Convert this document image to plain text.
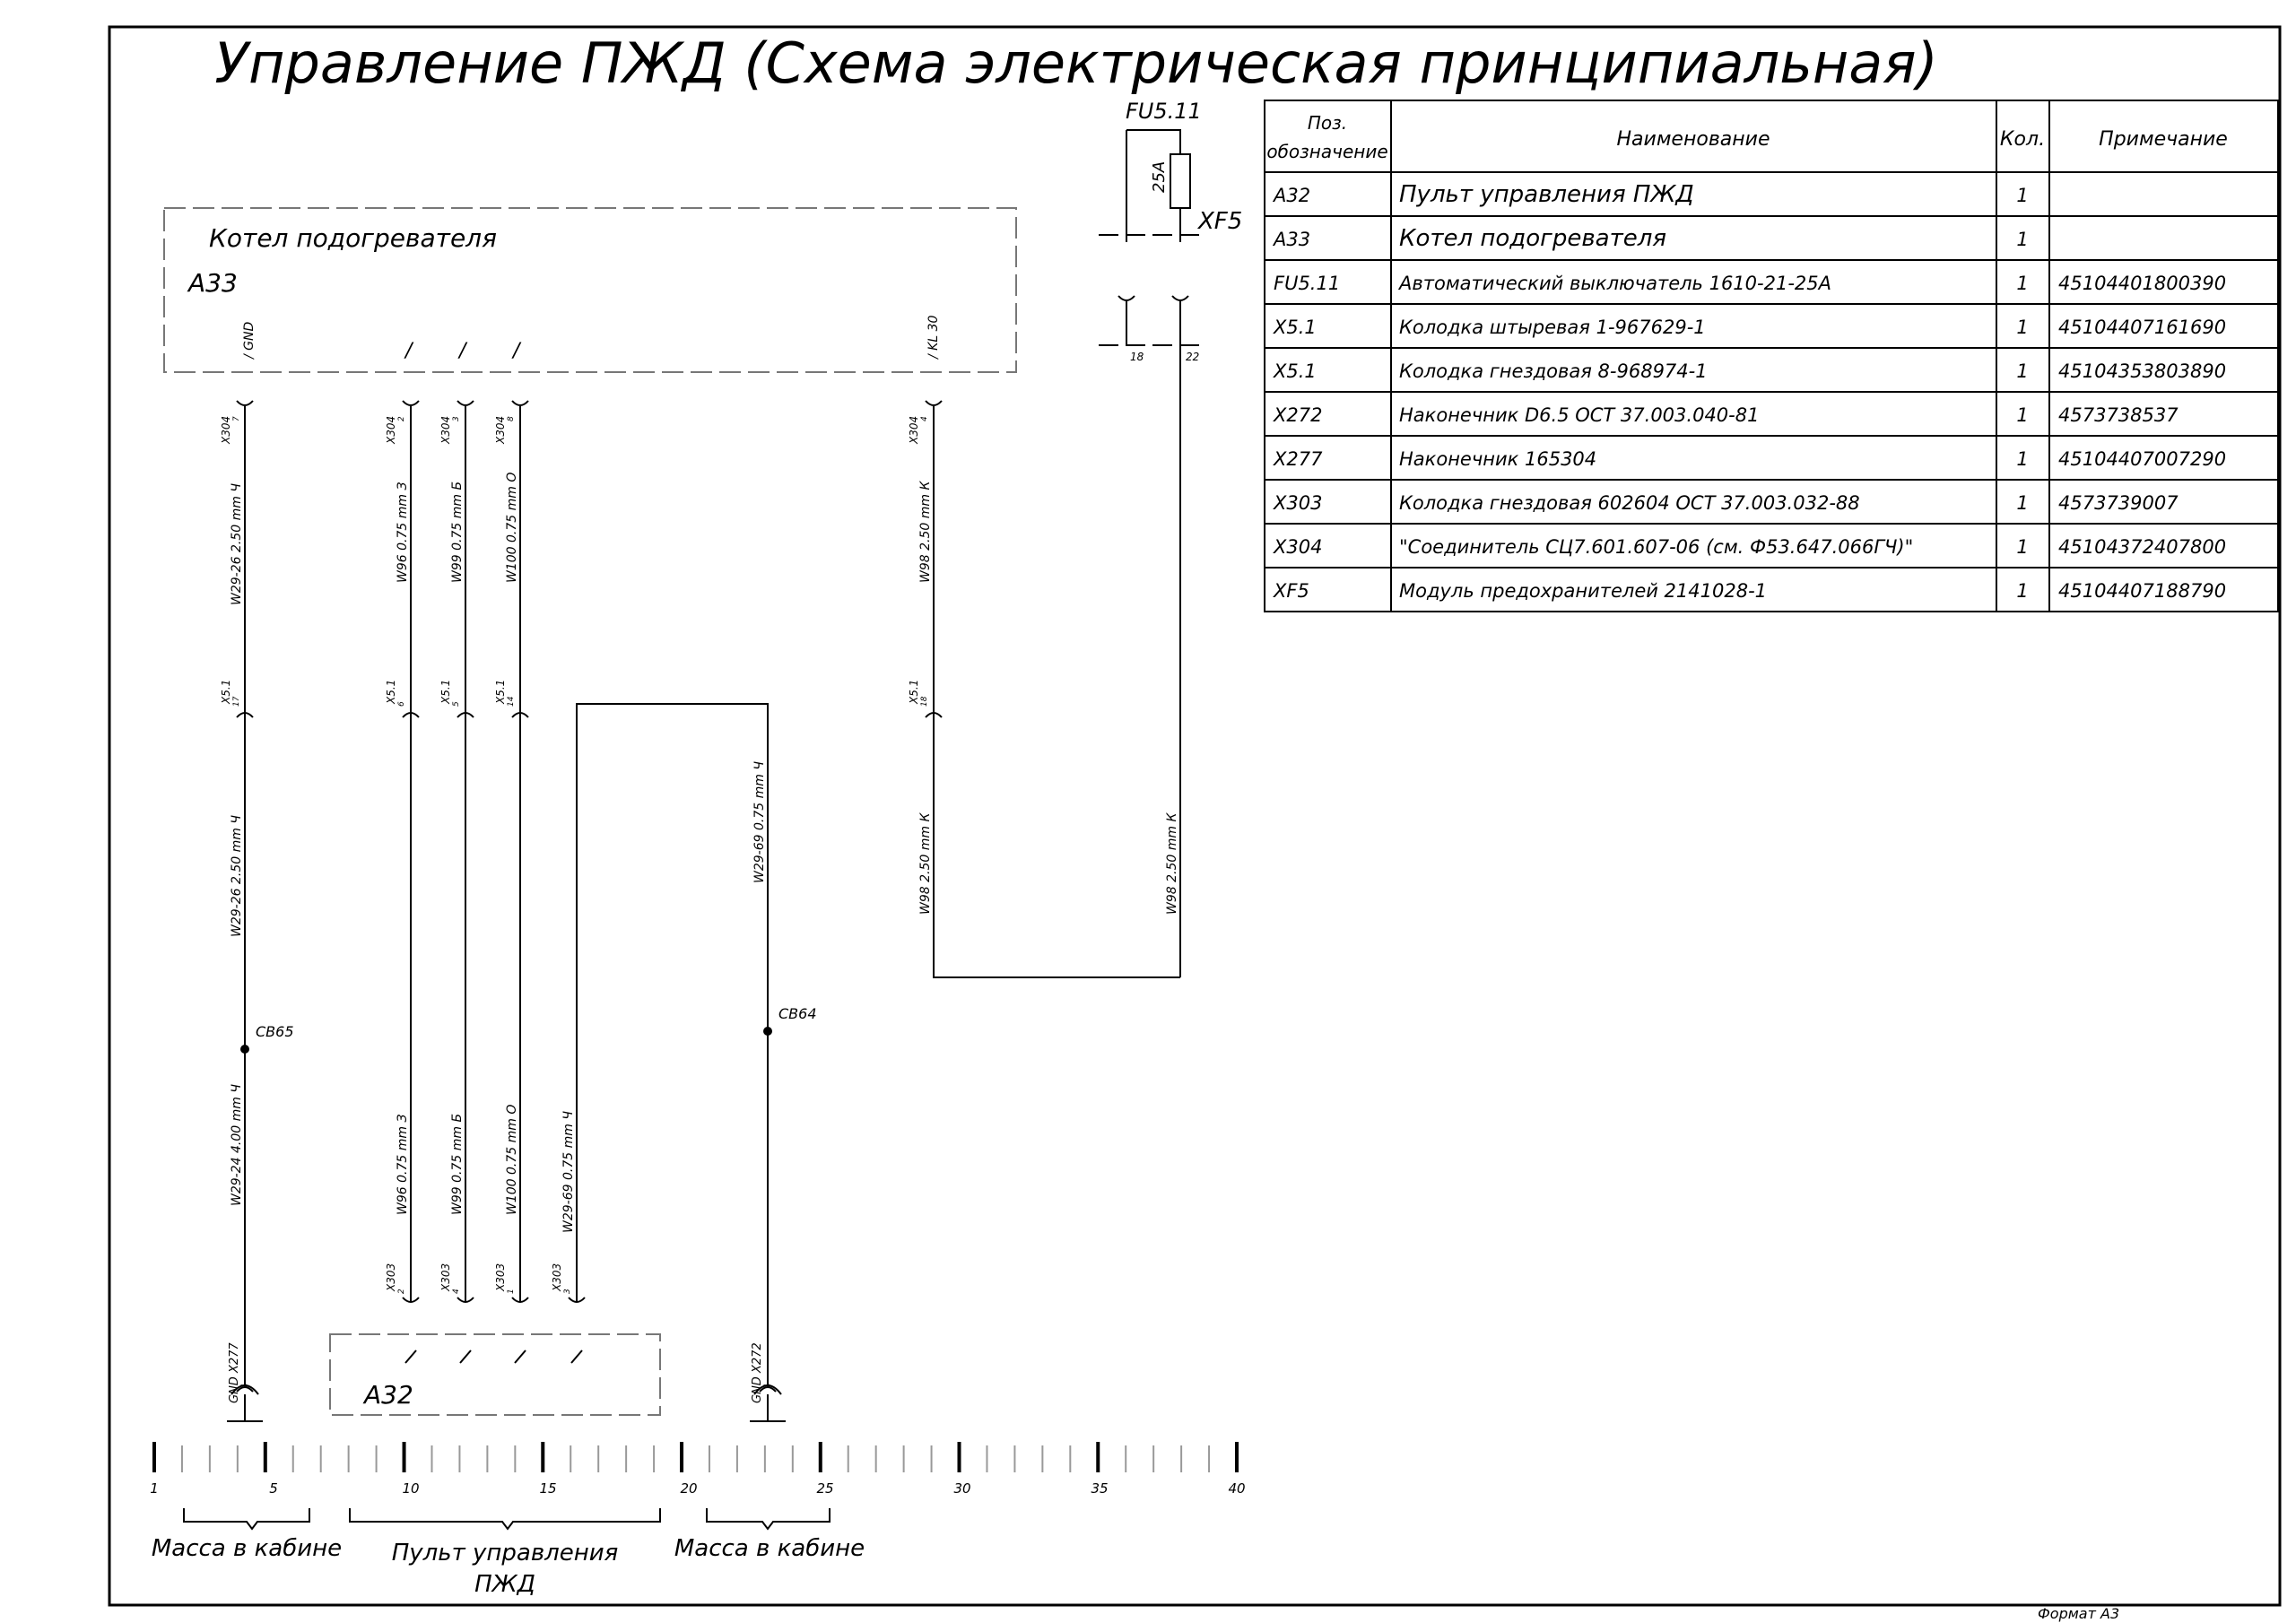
Управление ПЖД (Схема электрическая принципиальная)
Котел подогревателя
А33
/ GND	/ / /	/ KL 30
FU5.11
25A
XF5
18	22
X304	X304	X304	X304	X304
7	2	3	8	4
W29-26 2.50 mm Ч	W96 0.75 mm З	W99 0.75 mm Б	W100 0.75 mm О	W98 2.50 mm К
X5.1	X5.1	X5.1	X5.1	X5.1
17	6	5	14	18
W29-26 2.50 mm Ч	W29-69 0.75 mm Ч	W98 2.50 mm К	W98 2.50 mm К
СВ65
СВ64
W29-24 4.00 mm Ч	W96 0.75 mm З	W99 0.75 mm Б	W100 0.75 mm О	W29-69 0.75 mm Ч
X303	X303	X303	X303
2	4	1	3
А32
GND X277 1	GND X272 1
1	5	10	15	20	25	30	35	40
Масса в кабине Пульт управления
ПЖД
Масса в кабине
Поз.
обозначение
Наименование	Кол.	Примечание
А32	Пульт управления ПЖД	1
А33	Котел подогревателя	1
FU5.11	Автоматический выключатель 1610-21-25А	1 45104401800390
X5.1	Колодка штыревая 1-967629-1	1 45104407161690
X5.1	Колодка гнездовая 8-968974-1	1 45104353803890
X272	Наконечник D6.5 ОСТ 37.003.040-81	1 4573738537
X277	Наконечник 165304	1 45104407007290
X303	Колодка гнездовая 602604 ОСТ 37.003.032-88	1 4573739007
X304	"Соединитель СЦ7.601.607-06 (см. Ф53.647.066ГЧ)"	1 45104372407800
XF5	Модуль предохранителей 2141028-1	1 45104407188790
Формат А3
